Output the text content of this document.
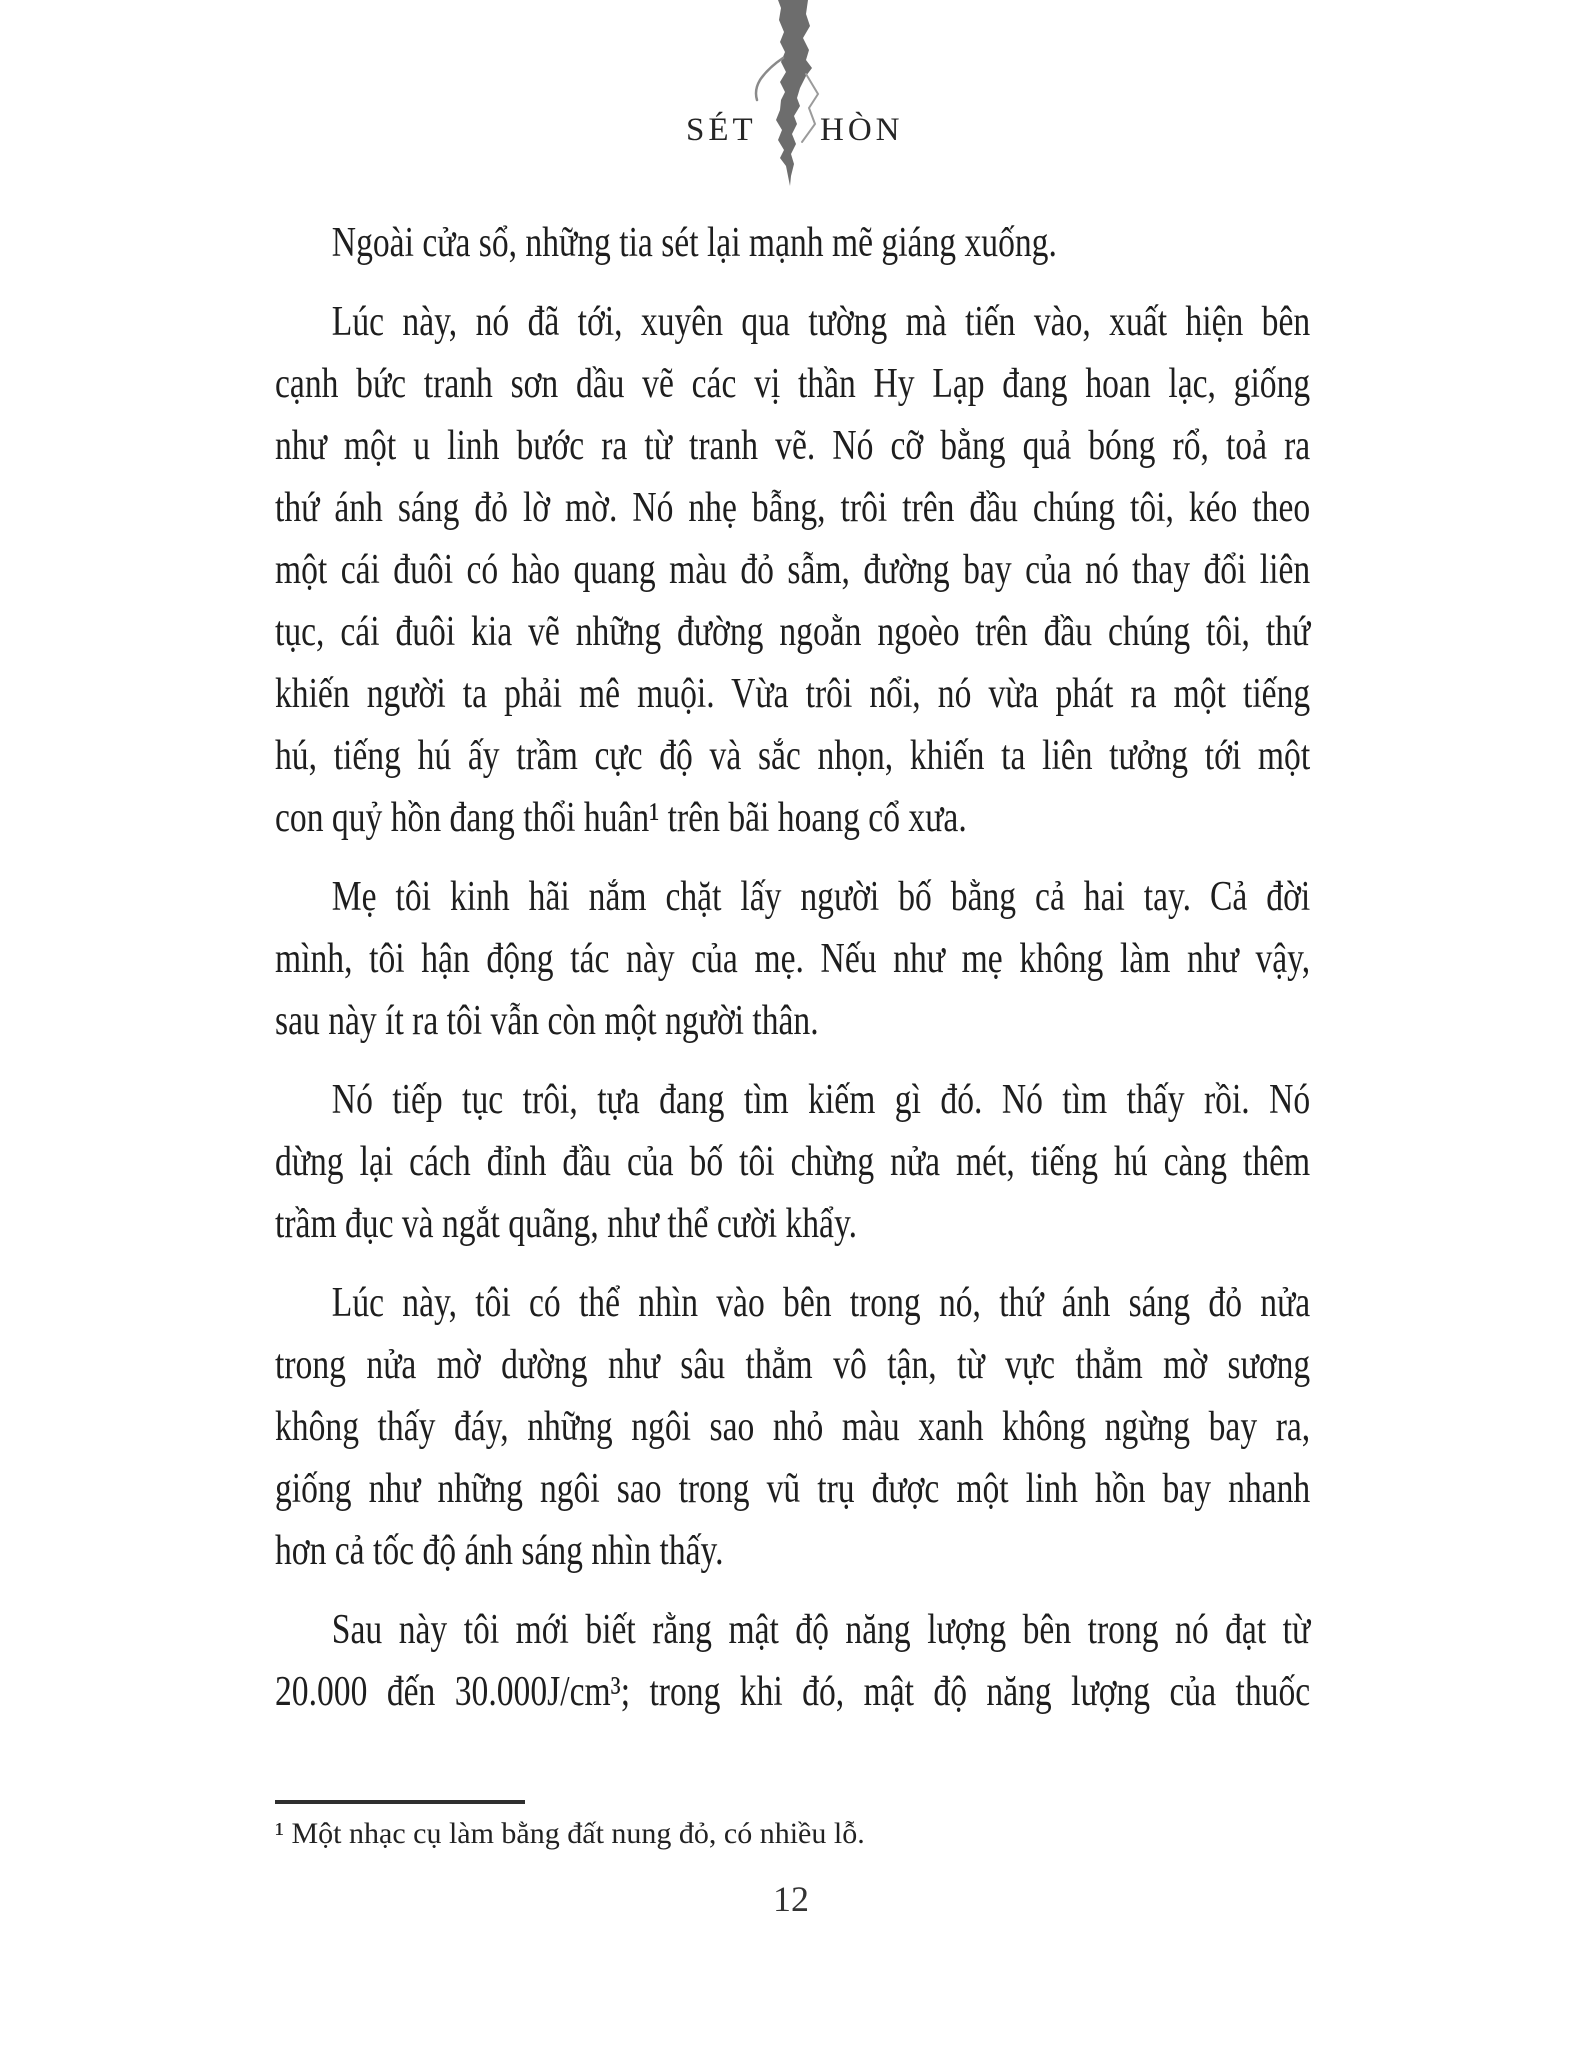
SÉT HÒN
Ngoài cửa sổ, những tia sét lại mạnh mẽ giáng xuống.
Lúc này, nó đã tới, xuyên qua tường mà tiến vào, xuất hiện bên
cạnh bức tranh sơn dầu vẽ các vị thần Hy Lạp đang hoan lạc, giống
như một u linh bước ra từ tranh vẽ. Nó cỡ bằng quả bóng rổ, toả ra
thứ ánh sáng đỏ lờ mờ. Nó nhẹ bẫng, trôi trên đầu chúng tôi, kéo theo
một cái đuôi có hào quang màu đỏ sẫm, đường bay của nó thay đổi liên
tục, cái đuôi kia vẽ những đường ngoằn ngoèo trên đầu chúng tôi, thứ
khiến người ta phải mê muội. Vừa trôi nổi, nó vừa phát ra một tiếng
hú, tiếng hú ấy trầm cực độ và sắc nhọn, khiến ta liên tưởng tới một
con quỷ hồn đang thổi huân¹ trên bãi hoang cổ xưa.
Mẹ tôi kinh hãi nắm chặt lấy người bố bằng cả hai tay. Cả đời
mình, tôi hận động tác này của mẹ. Nếu như mẹ không làm như vậy,
sau này ít ra tôi vẫn còn một người thân.
Nó tiếp tục trôi, tựa đang tìm kiếm gì đó. Nó tìm thấy rồi. Nó
dừng lại cách đỉnh đầu của bố tôi chừng nửa mét, tiếng hú càng thêm
trầm đục và ngắt quãng, như thể cười khẩy.
Lúc này, tôi có thể nhìn vào bên trong nó, thứ ánh sáng đỏ nửa
trong nửa mờ dường như sâu thẳm vô tận, từ vực thẳm mờ sương
không thấy đáy, những ngôi sao nhỏ màu xanh không ngừng bay ra,
giống như những ngôi sao trong vũ trụ được một linh hồn bay nhanh
hơn cả tốc độ ánh sáng nhìn thấy.
Sau này tôi mới biết rằng mật độ năng lượng bên trong nó đạt từ
20.000 đến 30.000J/cm³; trong khi đó, mật độ năng lượng của thuốc
¹ Một nhạc cụ làm bằng đất nung đỏ, có nhiều lỗ.
12
